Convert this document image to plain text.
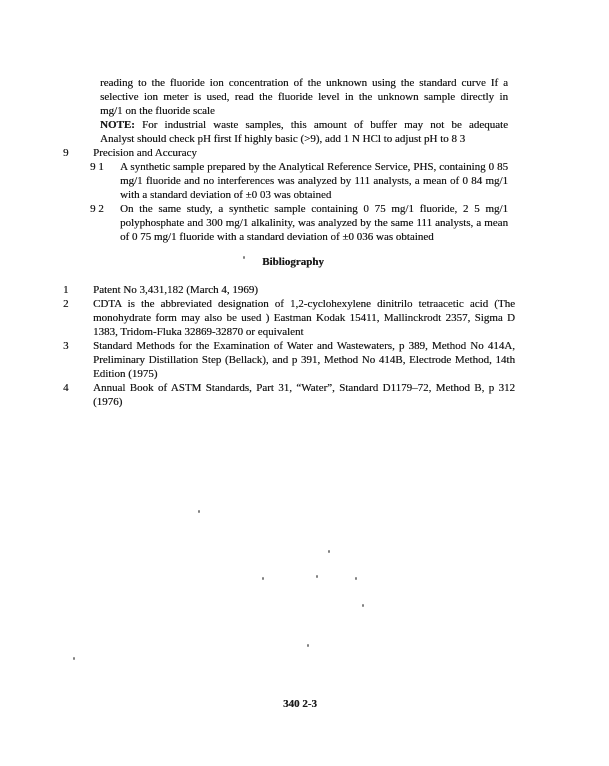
reading to the fluoride ion concentration of the unknown using the standard curve If a
selective ion meter is used, read the fluoride level in the unknown sample directly in
mg/1 on the fluoride scale
NOTE: For industrial waste samples, this amount of buffer may not be adequate
Analyst should check pH first If highly basic (>9), add 1 N HCl to adjust pH to 8 3
9 Precision and Accuracy
9 1 A synthetic sample prepared by the Analytical Reference Service, PHS, containing 0 85
mg/1 fluoride and no interferences was analyzed by 111 analysts, a mean of 0 84 mg/1
with a standard deviation of ±0 03 was obtained
9 2 On the same study, a synthetic sample containing 0 75 mg/1 fluoride, 2 5 mg/1
polyphosphate and 300 mg/1 alkalinity, was analyzed by the same 111 analysts, a mean
of 0 75 mg/1 fluoride with a standard deviation of ±0 036 was obtained
Bibliography
1 Patent No 3,431,182 (March 4, 1969)
2 CDTA is the abbreviated designation of 1,2-cyclohexylene dinitrilo tetraacetic acid (The
monohydrate form may also be used ) Eastman Kodak 15411, Mallinckrodt 2357, Sigma D
1383, Tridom-Fluka 32869-32870 or equivalent
3 Standard Methods for the Examination of Water and Wastewaters, p 389, Method No 414A,
Preliminary Distillation Step (Bellack), and p 391, Method No 414B, Electrode Method, 14th
Edition (1975)
4 Annual Book of ASTM Standards, Part 31, “Water”, Standard D1179–72, Method B, p 312
(1976)
340 2-3
